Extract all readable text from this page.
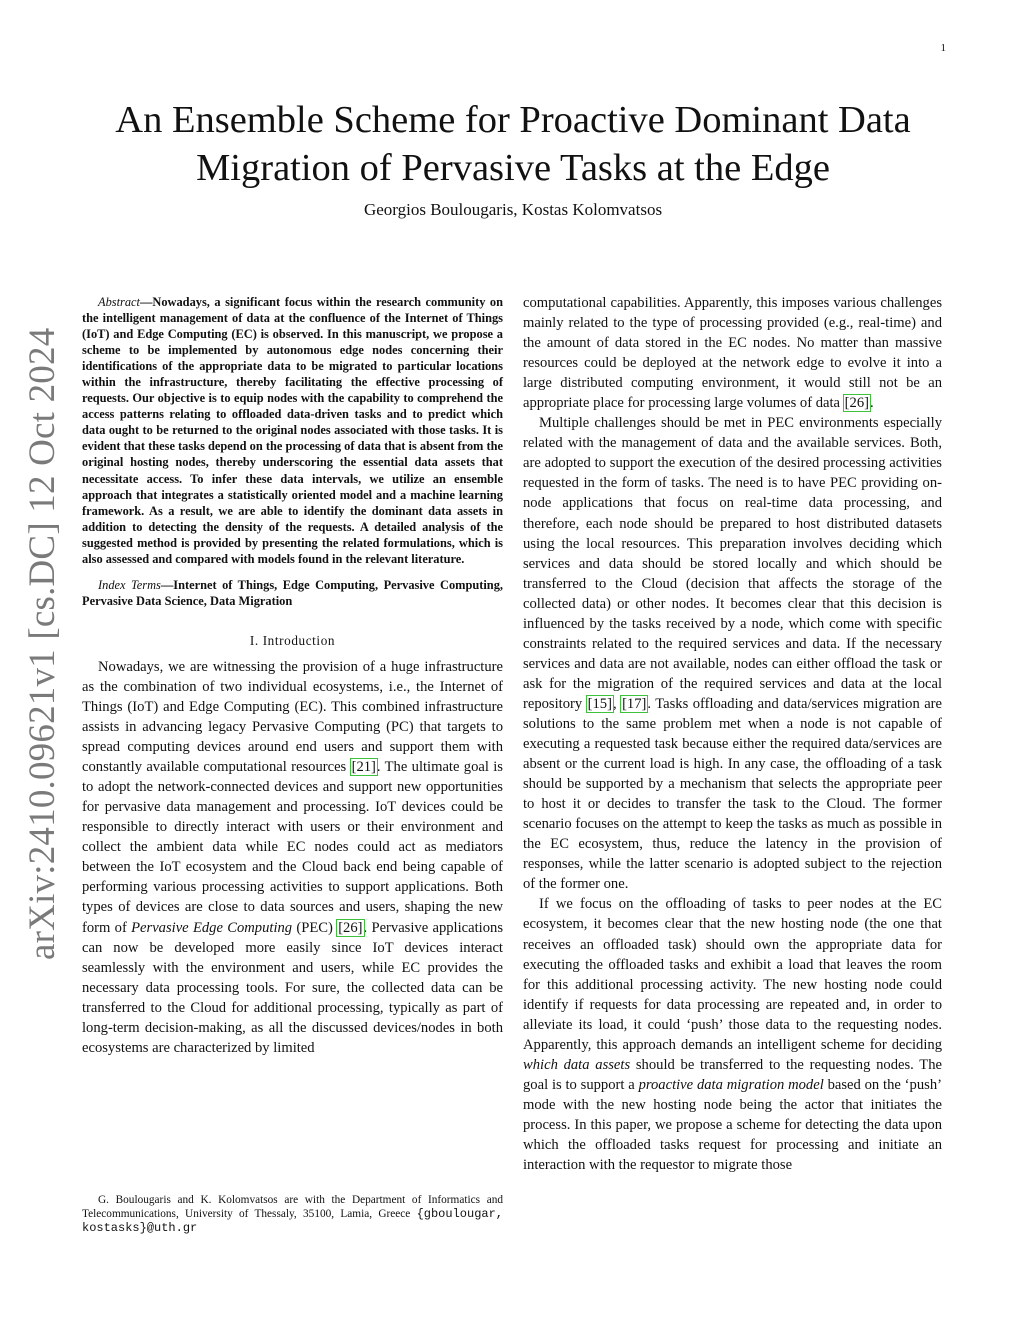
1
arXiv:2410.09621v1 [cs.DC] 12 Oct 2024
An Ensemble Scheme for Proactive Dominant Data Migration of Pervasive Tasks at the Edge
Georgios Boulougaris, Kostas Kolomvatsos

Abstract—Nowadays, a significant focus within the research community on the intelligent management of data at the confluence of the Internet of Things (IoT) and Edge Computing (EC) is observed. In this manuscript, we propose a scheme to be implemented by autonomous edge nodes concerning their identifications of the appropriate data to be migrated to particular locations within the infrastructure, thereby facilitating the effective processing of requests. Our objective is to equip nodes with the capability to comprehend the access patterns relating to offloaded data-driven tasks and to predict which data ought to be returned to the original nodes associated with those tasks. It is evident that these tasks depend on the processing of data that is absent from the original hosting nodes, thereby underscoring the essential data assets that necessitate access. To infer these data intervals, we utilize an ensemble approach that integrates a statistically oriented model and a machine learning framework. As a result, we are able to identify the dominant data assets in addition to detecting the density of the requests. A detailed analysis of the suggested method is provided by presenting the related formulations, which is also assessed and compared with models found in the relevant literature.

Index Terms—Internet of Things, Edge Computing, Pervasive Computing, Pervasive Data Science, Data Migration

I. Introduction

Nowadays, we are witnessing the provision of a huge infrastructure as the combination of two individual ecosystems, i.e., the Internet of Things (IoT) and Edge Computing (EC). This combined infrastructure assists in advancing legacy Pervasive Computing (PC) that targets to spread computing devices around end users and support them with constantly available computational resources [21]. The ultimate goal is to adopt the network-connected devices and support new opportunities for pervasive data management and processing. IoT devices could be responsible to directly interact with users or their environment and collect the ambient data while EC nodes could act as mediators between the IoT ecosystem and the Cloud back end being capable of performing various processing activities to support applications. Both types of devices are close to data sources and users, shaping the new form of Pervasive Edge Computing (PEC) [26]. Pervasive applications can now be developed more easily since IoT devices interact seamlessly with the environment and users, while EC provides the necessary data processing tools. For sure, the collected data can be transferred to the Cloud for additional processing, typically as part of long-term decision-making, as all the discussed devices/nodes in both ecosystems are characterized by limited

computational capabilities. Apparently, this imposes various challenges mainly related to the type of processing provided (e.g., real-time) and the amount of data stored in the EC nodes. No matter than massive resources could be deployed at the network edge to evolve it into a large distributed computing environment, it would still not be an appropriate place for processing large volumes of data [26].

Multiple challenges should be met in PEC environments especially related with the management of data and the available services. Both, are adopted to support the execution of the desired processing activities requested in the form of tasks. The need is to have PEC providing on-node applications that focus on real-time data processing, and therefore, each node should be prepared to host distributed datasets using the local resources. This preparation involves deciding which services and data should be stored locally and which should be transferred to the Cloud (decision that affects the storage of the collected data) or other nodes. It becomes clear that this decision is influenced by the tasks received by a node, which come with specific constraints related to the required services and data. If the necessary services and data are not available, nodes can either offload the task or ask for the migration of the required services and data at the local repository [15], [17]. Tasks offloading and data/services migration are solutions to the same problem met when a node is not capable of executing a requested task because either the required data/services are absent or the current load is high. In any case, the offloading of a task should be supported by a mechanism that selects the appropriate peer to host it or decides to transfer the task to the Cloud. The former scenario focuses on the attempt to keep the tasks as much as possible in the EC ecosystem, thus, reduce the latency in the provision of responses, while the latter scenario is adopted subject to the rejection of the former one.

If we focus on the offloading of tasks to peer nodes at the EC ecosystem, it becomes clear that the new hosting node (the one that receives an offloaded task) should own the appropriate data for executing the offloaded tasks and exhibit a load that leaves the room for this additional processing activity. The new hosting node could identify if requests for data processing are repeated and, in order to alleviate its load, it could ‘push’ those data to the requesting nodes. Apparently, this approach demands an intelligent scheme for deciding which data assets should be transferred to the requesting nodes. The goal is to support a proactive data migration model based on the ‘push’ mode with the new hosting node being the actor that initiates the process. In this paper, we propose a scheme for detecting the data upon which the offloaded tasks request for processing and initiate an interaction with the requestor to migrate those

G. Boulougaris and K. Kolomvatsos are with the Department of Informatics and Telecommunications, University of Thessaly, 35100, Lamia, Greece {gboulougar, kostasks}@uth.gr
